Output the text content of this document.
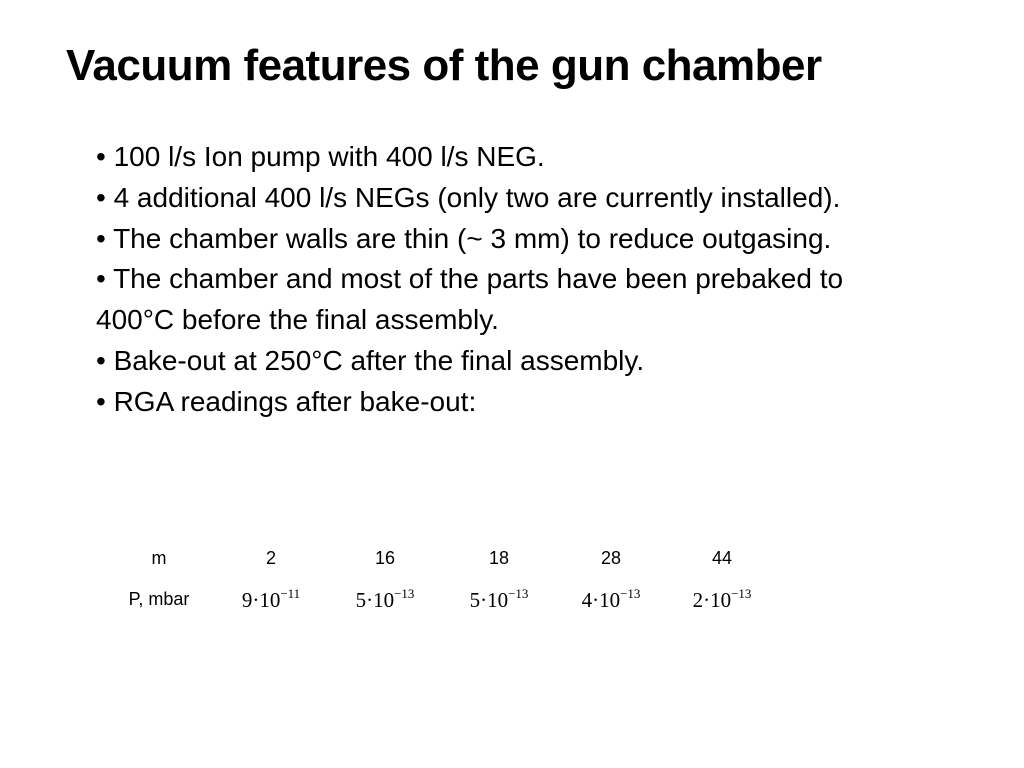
Vacuum features of the gun chamber
• 100 l/s Ion pump with 400 l/s NEG.
• 4 additional 400 l/s NEGs (only two are currently installed).
• The chamber walls are thin (~ 3 mm) to reduce outgasing.
• The chamber and most of the parts have been prebaked to 400°C before the final assembly.
• Bake-out at 250°C after the final assembly.
• RGA readings after bake-out:
m	2	16	18	28	44
P, mbar	$9\cdot 10^{-11}$	$5\cdot 10^{-13}$	$5\cdot 10^{-13}$	$4\cdot 10^{-13}$	$2\cdot 10^{-13}$
